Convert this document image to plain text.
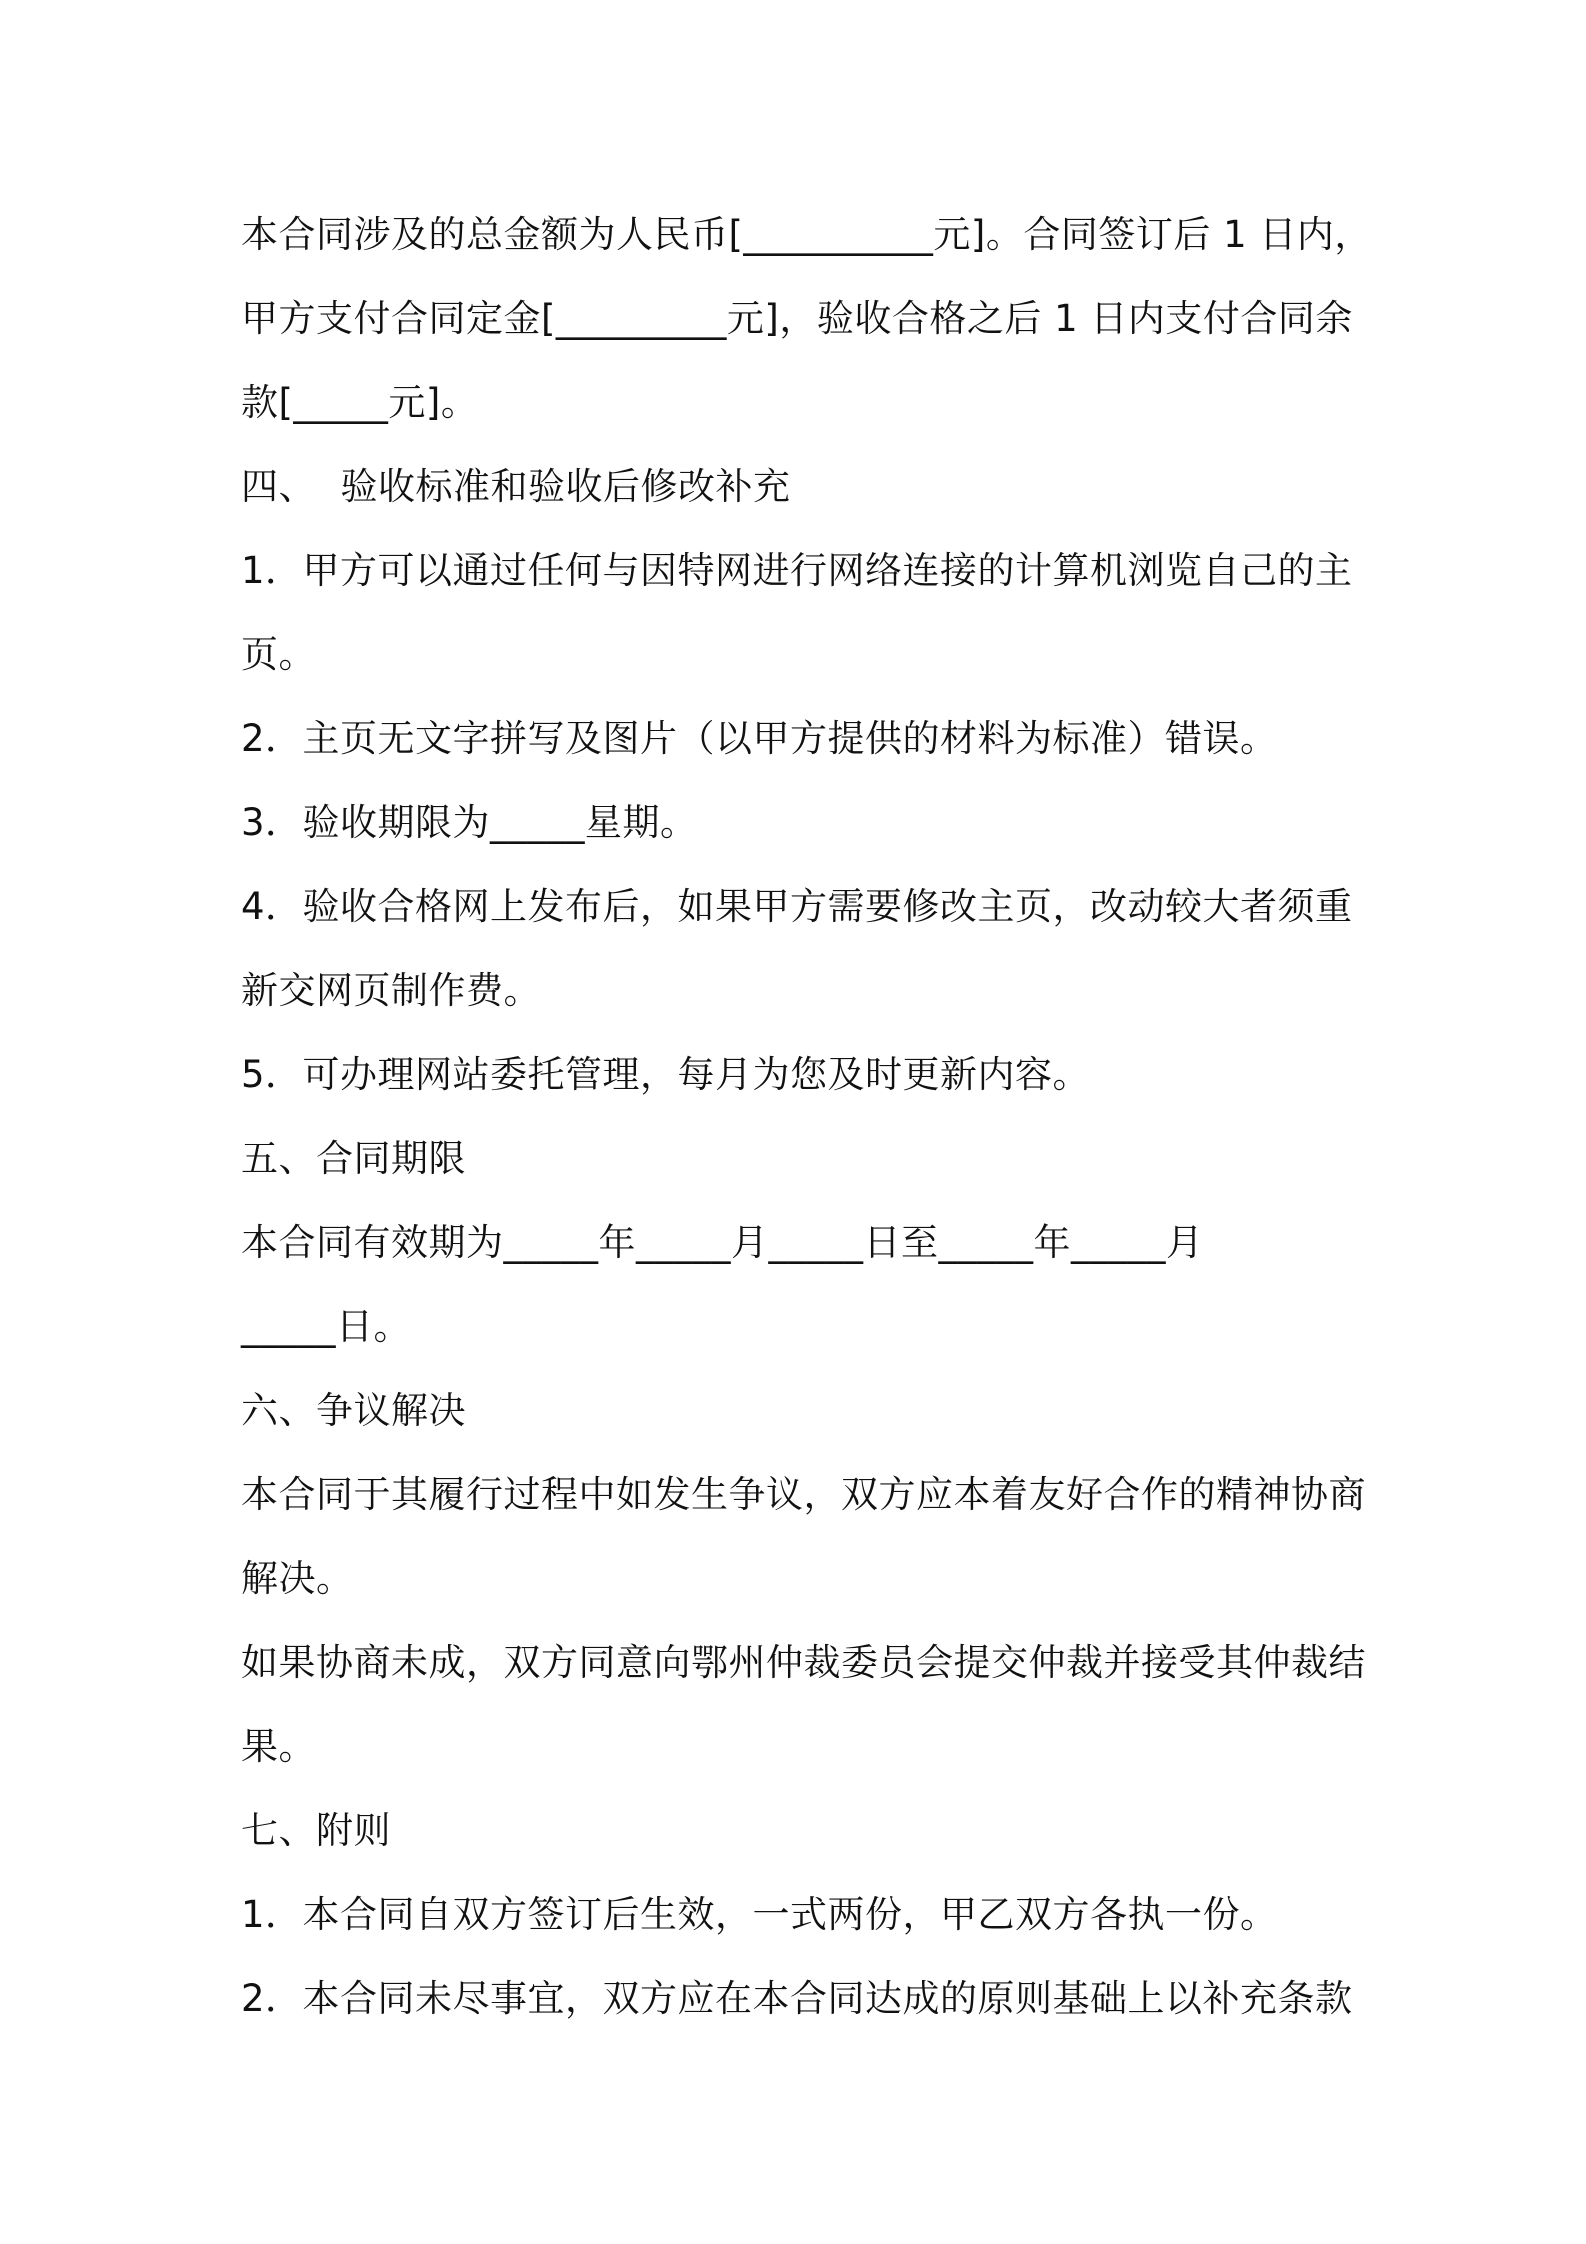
本合同涉及的总金额为人民币[__________元]。合同签订后 1 日内，
甲方支付合同定金[_________元]，验收合格之后 1 日内支付合同余
款[_____元]。
四、  验收标准和验收后修改补充
1．甲方可以通过任何与因特网进行网络连接的计算机浏览自己的主
页。
2．主页无文字拼写及图片（以甲方提供的材料为标准）错误。
3．验收期限为_____星期。
4．验收合格网上发布后，如果甲方需要修改主页，改动较大者须重
新交网页制作费。
5．可办理网站委托管理，每月为您及时更新内容。
五、合同期限
本合同有效期为_____年_____月_____日至_____年_____月
_____日。
六、争议解决
本合同于其履行过程中如发生争议，双方应本着友好合作的精神协商
解决。
如果协商未成，双方同意向鄂州仲裁委员会提交仲裁并接受其仲裁结
果。
七、附则
1．本合同自双方签订后生效，一式两份，甲乙双方各执一份。
2．本合同未尽事宜，双方应在本合同达成的原则基础上以补充条款
